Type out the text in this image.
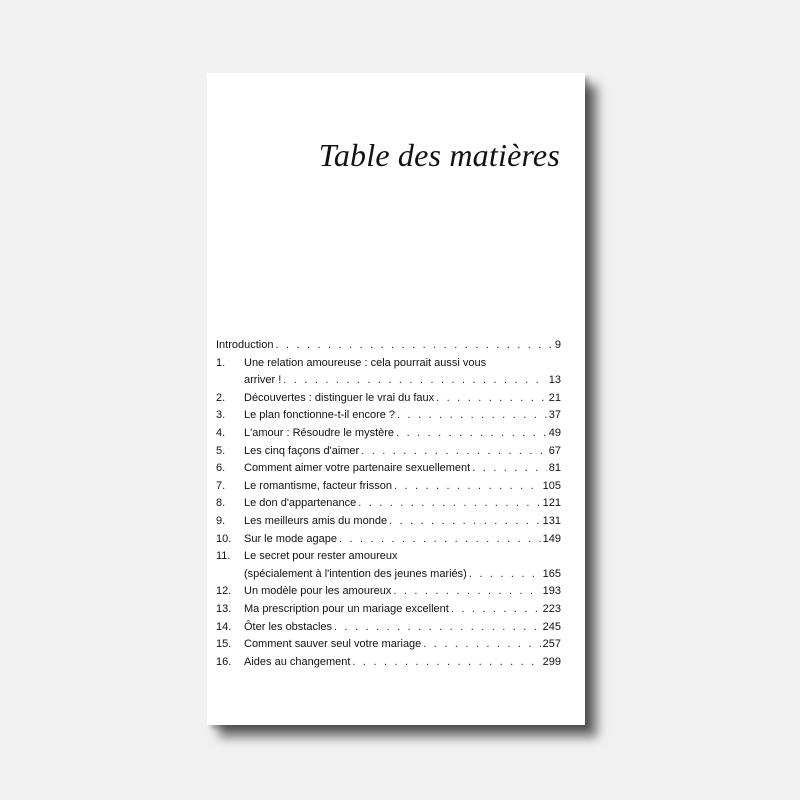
Table des matières
Introduction . . .	9
1.	Une relation amoureuse : cela pourrait aussi vous
arriver ! . . .	13
2.	Découvertes : distinguer le vrai du faux . . .	21
3.	Le plan fonctionne-t-il encore ? . . .	37
4.	L'amour : Résoudre le mystère . . .	49
5.	Les cinq façons d'aimer . . .	67
6.	Comment aimer votre partenaire sexuellement . . .	81
7.	Le romantisme, facteur frisson . . .	105
8.	Le don d'appartenance . . .	121
9.	Les meilleurs amis du monde . . .	131
10.	Sur le mode agape . . .	149
11.	Le secret pour rester amoureux
(spécialement à l'intention des jeunes mariés) . . .	165
12.	Un modèle pour les amoureux . . .	193
13.	Ma prescription pour un mariage excellent . . .	223
14.	Ôter les obstacles . . .	245
15.	Comment sauver seul votre mariage . . .	257
16.	Aides au changement . . .	299
